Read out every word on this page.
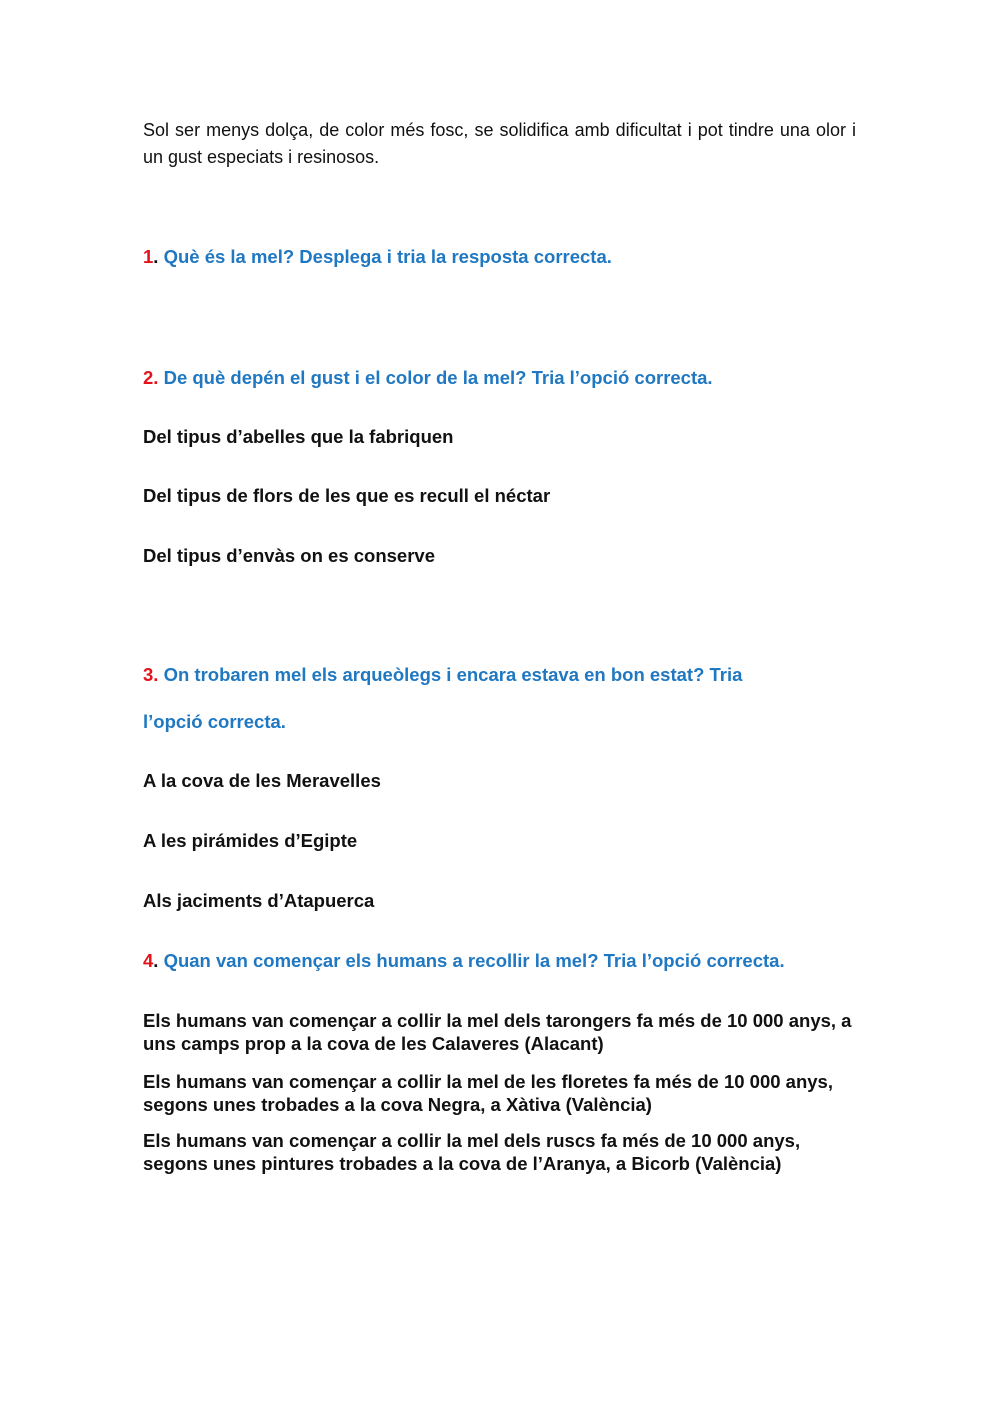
Sol ser menys dolça, de color més fosc, se solidifica amb dificultat i pot tindre una olor i un gust especiats i resinosos.

1. Què és la mel? Desplega i tria la resposta correcta.
2. De què depén el gust i el color de la mel? Tria l’opció correcta.
Del tipus d’abelles que la fabriquen
Del tipus de flors de les que es recull el néctar
Del tipus d’envàs on es conserve
3. On trobaren mel els arqueòlegs i encara estava en bon estat? Tria
l’opció correcta.
A la cova de les Meravelles
A les pirámides d’Egipte
Als jaciments d’Atapuerca
4. Quan van començar els humans a recollir la mel? Tria l’opció correcta.
Els humans van començar a collir la mel dels tarongers fa més de 10 000 anys, a uns camps prop a la cova de les Calaveres (Alacant)
Els humans van començar a collir la mel de les floretes fa més de 10 000 anys, segons unes trobades a la cova Negra, a Xàtiva (València)
Els humans van començar a collir la mel dels ruscs fa més de 10 000 anys, segons unes pintures trobades a la cova de l’Aranya, a Bicorb (València)
